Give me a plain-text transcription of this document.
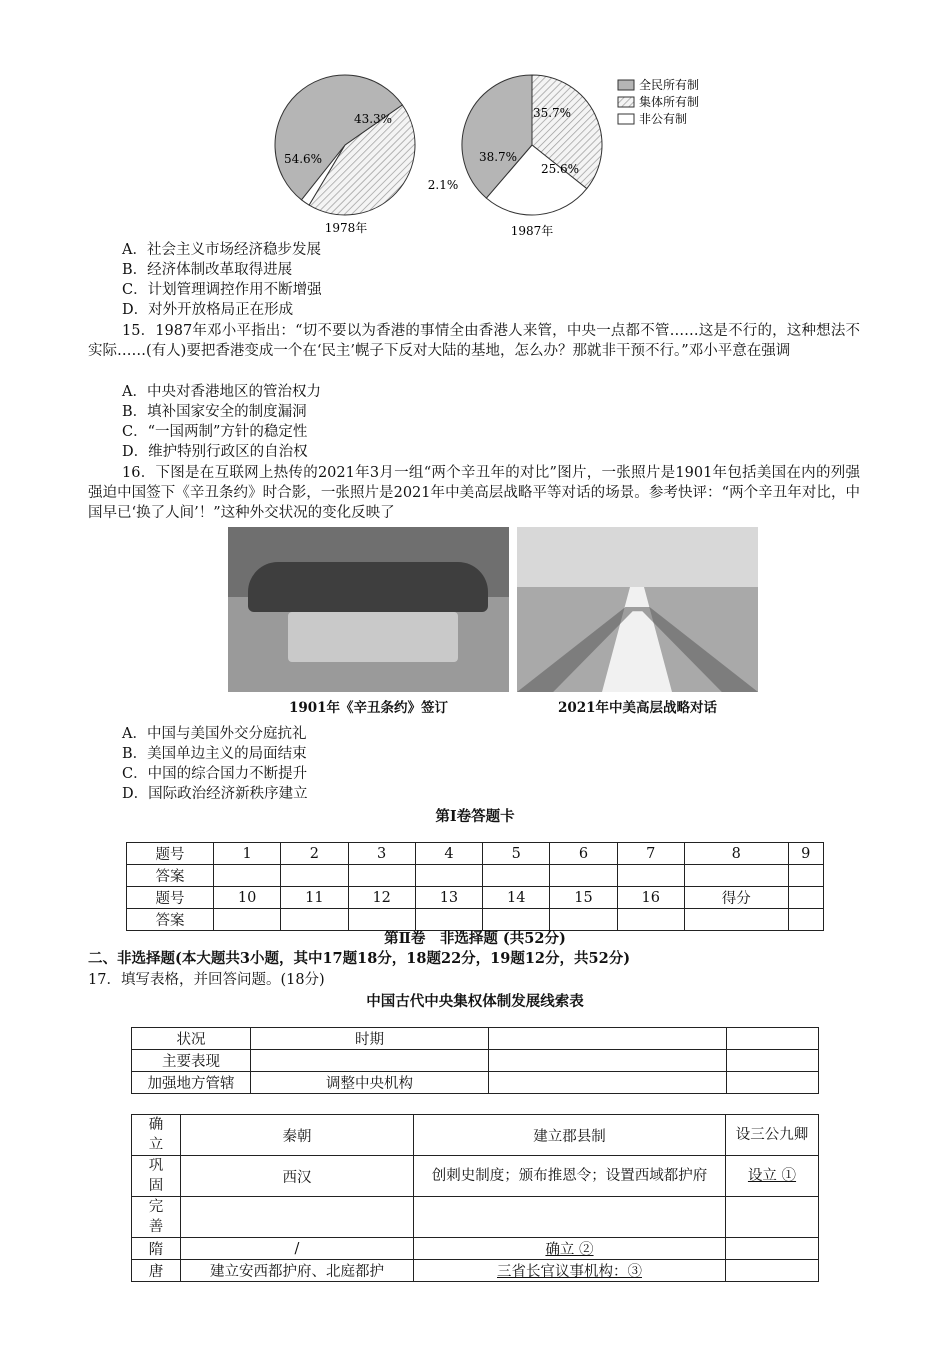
54.6%
43.3%
2.1%
38.7%
35.7%
25.6%
1978年	1987年
全民所有制
集体所有制
非公有制
A．社会主义市场经济稳步发展
B．经济体制改革取得进展
C．计划管理调控作用不断增强
D．对外开放格局正在形成
15．1987年邓小平指出：“切不要以为香港的事情全由香港人来管，中央一点都不管……这是不行的，这种想法不实际……(有人)要把香港变成一个在‘民主’幌子下反对大陆的基地，怎么办？那就非干预不行。”邓小平意在强调
A．中央对香港地区的管治权力
B．填补国家安全的制度漏洞
C．“一国两制”方针的稳定性
D．维护特别行政区的自治权
16．下图是在互联网上热传的2021年3月一组“两个辛丑年的对比”图片，一张照片是1901年包括美国在内的列强强迫中国签下《辛丑条约》时合影，一张照片是2021年中美高层战略平等对话的场景。参考快评：“两个辛丑年对比，中国早已‘换了人间’！”这种外交状况的变化反映了
1901年《辛丑条约》签订	2021年中美高层战略对话
A．中国与美国外交分庭抗礼
B．美国单边主义的局面结束
C．中国的综合国力不断提升
D．国际政治经济新秩序建立
第Ⅰ卷答题卡
题号	1	2	3	4	5	6	7	8	9
答案									
题号	10	11	12	13	14	15	16	得分	
答案									
第Ⅱ卷　非选择题 (共52分)
二、非选择题(本大题共3小题，其中17题18分，18题22分，19题12分，共52分)
17．填写表格，并回答问题。(18分)
中国古代中央集权体制发展线索表
状况	时期		
主要表现			
加强地方管辖	调整中央机构		
确立	秦朝	建立郡县制	设三公九卿

巩固	西汉	创刺史制度；颁布推恩令；设置西域都护府	设立 ①

完善			

隋	/	确立 ②	
唐	建立安西都护府、北庭都护	三省长官议事机构：③	
